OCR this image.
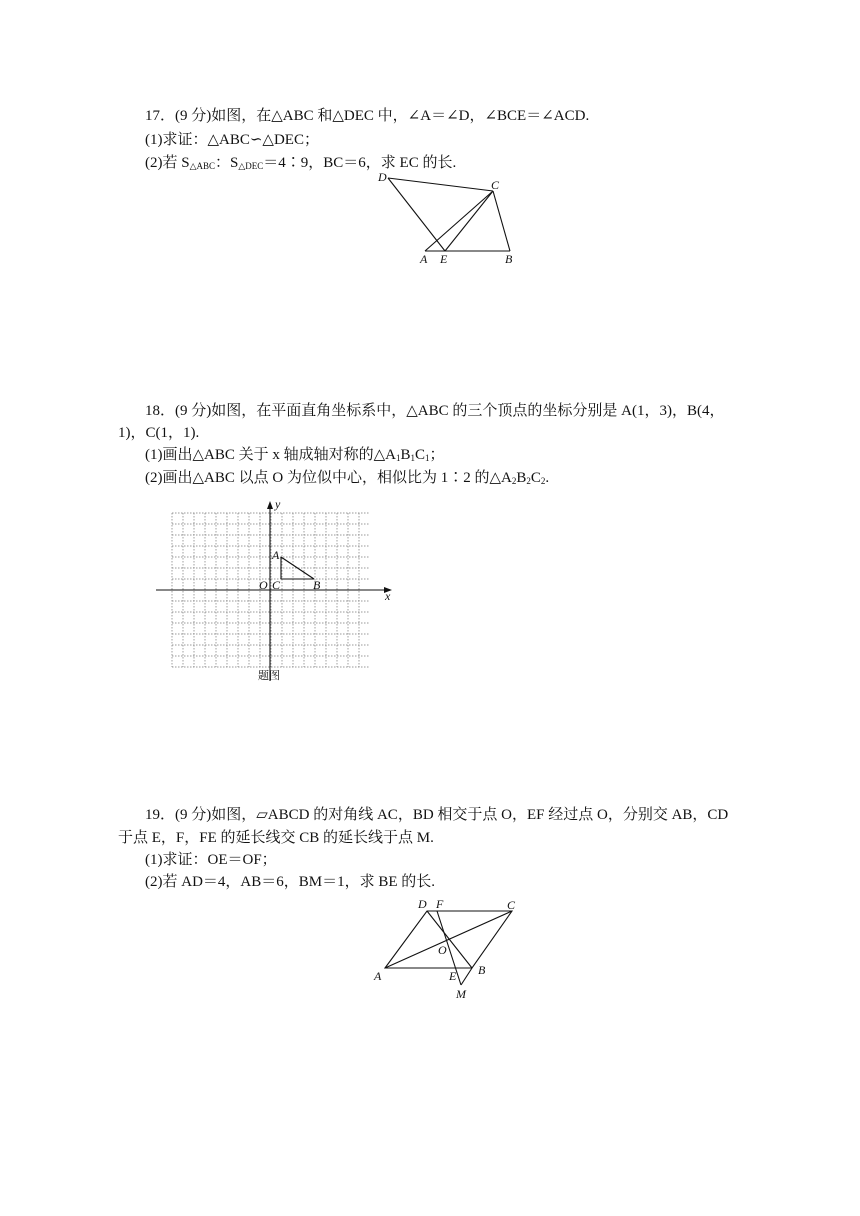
17．(9 分)如图，在△ABC 和△DEC 中，∠A＝∠D，∠BCE＝∠ACD.
(1)求证：△ABC∽△DEC；
(2)若 $S_{\triangle ABC}$：$S_{\triangle DEC}=4∶9$，BC＝6，求 EC 的长.
D
C
A E	B
18．(9 分)如图，在平面直角坐标系中，△ABC 的三个顶点的坐标分别是 A(1，3)，B(4，
1)，C(1，1).
(1)画出△ABC 关于 x 轴成轴对称的$\triangle A_1B_1C_1$；
(2)画出△ABC 以点 O 为位似中心，相似比为 1∶2 的$\triangle A_2B_2C_2$.
y
x
A
O C	B
题图
19．(9 分)如图，▱ABCD 的对角线 AC，BD 相交于点 O，EF 经过点 O，分别交 AB，CD
于点 E，F，FE 的延长线交 CB 的延长线于点 M.
(1)求证：OE＝OF；
(2)若 AD＝4，AB＝6，BM＝1，求 BE 的长.
D F	C
O
A	E B
M
